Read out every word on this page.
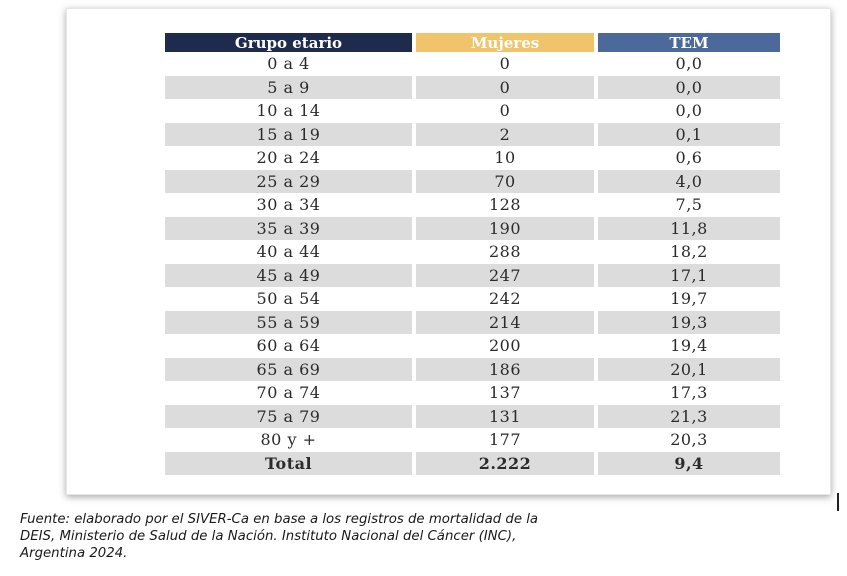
Grupo etario	Mujeres	TEM
0 a 4	0	0,0
5 a 9	0	0,0
10 a 14	0	0,0
15 a 19	2	0,1
20 a 24	10	0,6
25 a 29	70	4,0
30 a 34	128	7,5
35 a 39	190	11,8
40 a 44	288	18,2
45 a 49	247	17,1
50 a 54	242	19,7
55 a 59	214	19,3
60 a 64	200	19,4
65 a 69	186	20,1
70 a 74	137	17,3
75 a 79	131	21,3
80 y +	177	20,3
Total	2.222	9,4

Fuente: elaborado por el SIVER-Ca en base a los registros de mortalidad de la
DEIS, Ministerio de Salud de la Nación. Instituto Nacional del Cáncer (INC),
Argentina 2024.
